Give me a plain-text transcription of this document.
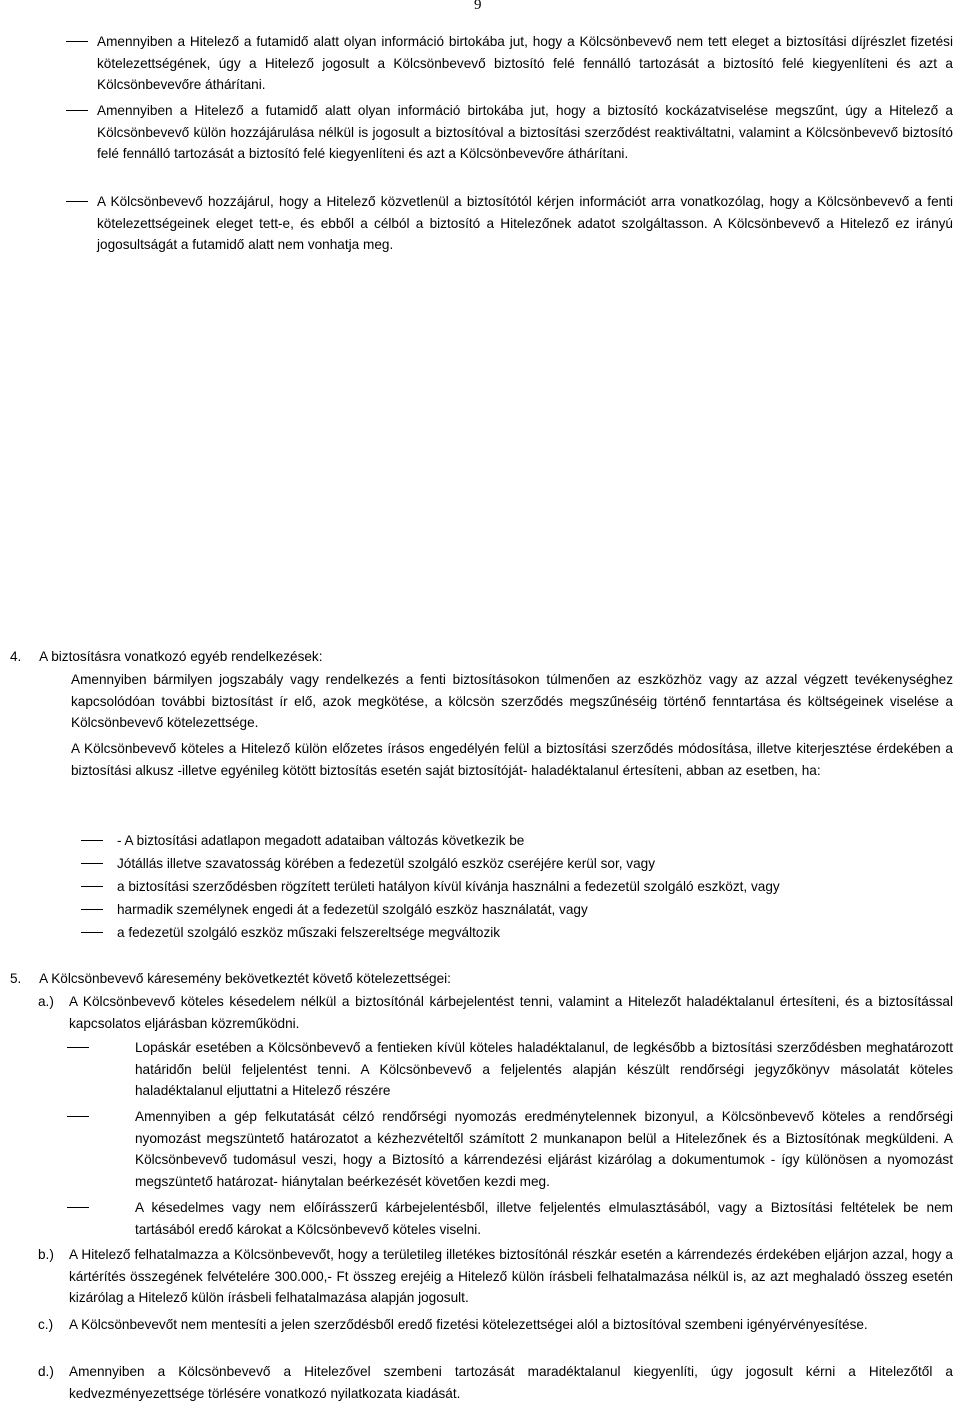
9

Amennyiben a Hitelező a futamidő alatt olyan információ birtokába jut, hogy a Kölcsönbevevő nem tett eleget a biztosítási díjrészlet fizetési kötelezettségének, úgy a Hitelező jogosult a Kölcsönbevevő biztosító felé fennálló tartozását a biztosító felé kiegyenlíteni és azt a Kölcsönbevevőre áthárítani.
Amennyiben a Hitelező a futamidő alatt olyan információ birtokába jut, hogy a biztosító kockázatviselése megszűnt, úgy a Hitelező a Kölcsönbevevő külön hozzájárulása nélkül is jogosult a biztosítóval a biztosítási szerződést reaktiváltatni, valamint a Kölcsönbevevő biztosító felé fennálló tartozását a biztosító felé kiegyenlíteni és azt a Kölcsönbevevőre áthárítani.
A Kölcsönbevevő hozzájárul, hogy a Hitelező közvetlenül a biztosítótól kérjen információt arra vonatkozólag, hogy a Kölcsönbevevő a fenti kötelezettségeinek eleget tett-e, és ebből a célból a biztosító a Hitelezőnek adatot szolgáltasson. A Kölcsönbevevő a Hitelező ez irányú jogosultságát a futamidő alatt nem vonhatja meg.

4. A biztosításra vonatkozó egyéb rendelkezések:

Amennyiben bármilyen jogszabály vagy rendelkezés a fenti biztosításokon túlmenően az eszközhöz vagy az azzal végzett tevékenységhez kapcsolódóan további biztosítást ír elő, azok megkötése, a kölcsön szerződés megszűnéséig történő fenntartása és költségeinek viselése a Kölcsönbevevő kötelezettsége.
A Kölcsönbevevő köteles a Hitelező külön előzetes írásos engedélyén felül a biztosítási szerződés módosítása, illetve kiterjesztése érdekében a biztosítási alkusz -illetve egyénileg kötött biztosítás esetén saját biztosítóját- haladéktalanul értesíteni, abban az esetben, ha:
- A biztosítási adatlapon megadott adataiban változás következik be
Jótállás illetve szavatosság körében a fedezetül szolgáló eszköz cseréjére kerül sor, vagy
a biztosítási szerződésben rögzített területi hatályon kívül kívánja használni a fedezetül szolgáló eszközt, vagy
harmadik személynek engedi át a fedezetül szolgáló eszköz használatát, vagy
a fedezetül szolgáló eszköz műszaki felszereltsége megváltozik

5. A Kölcsönbevevő káresemény bekövetkeztét követő kötelezettségei:

a.) A Kölcsönbevevő köteles késedelem nélkül a biztosítónál kárbejelentést tenni, valamint a Hitelezőt haladéktalanul értesíteni, és a biztosítással kapcsolatos eljárásban közreműködni.
Lopáskár esetében a Kölcsönbevevő a fentieken kívül köteles haladéktalanul, de legkésőbb a biztosítási szerződésben meghatározott határidőn belül feljelentést tenni. A Kölcsönbevevő a feljelentés alapján készült rendőrségi jegyzőkönyv másolatát köteles haladéktalanul eljuttatni a Hitelező részére
Amennyiben a gép felkutatását célzó rendőrségi nyomozás eredménytelennek bizonyul, a Kölcsönbevevő köteles a rendőrségi nyomozást megszüntető határozatot a kézhezvételtől számított 2 munkanapon belül a Hitelezőnek és a Biztosítónak megküldeni. A Kölcsönbevevő tudomásul veszi, hogy a Biztosító a kárrendezési eljárást kizárólag a dokumentumok - így különösen a nyomozást megszüntető határozat- hiánytalan beérkezését követően kezdi meg.
A késedelmes vagy nem előírásszerű kárbejelentésből, illetve feljelentés elmulasztásából, vagy a Biztosítási feltételek be nem tartásából eredő károkat a Kölcsönbevevő köteles viselni.
b.) A Hitelező felhatalmazza a Kölcsönbevevőt, hogy a területileg illetékes biztosítónál részkár esetén a kárrendezés érdekében eljárjon azzal, hogy a kártérítés összegének felvételére 300.000,- Ft összeg erejéig a Hitelező külön írásbeli felhatalmazása nélkül is, az azt meghaladó összeg esetén kizárólag a Hitelező külön írásbeli felhatalmazása alapján jogosult.
c.) A Kölcsönbevevőt nem mentesíti a jelen szerződésből eredő fizetési kötelezettségei alól a biztosítóval szembeni igényérvényesítése.
d.) Amennyiben a Kölcsönbevevő a Hitelezővel szembeni tartozását maradéktalanul kiegyenlíti, úgy jogosult kérni a Hitelezőtől a kedvezményezettsége törlésére vonatkozó nyilatkozata kiadását.
